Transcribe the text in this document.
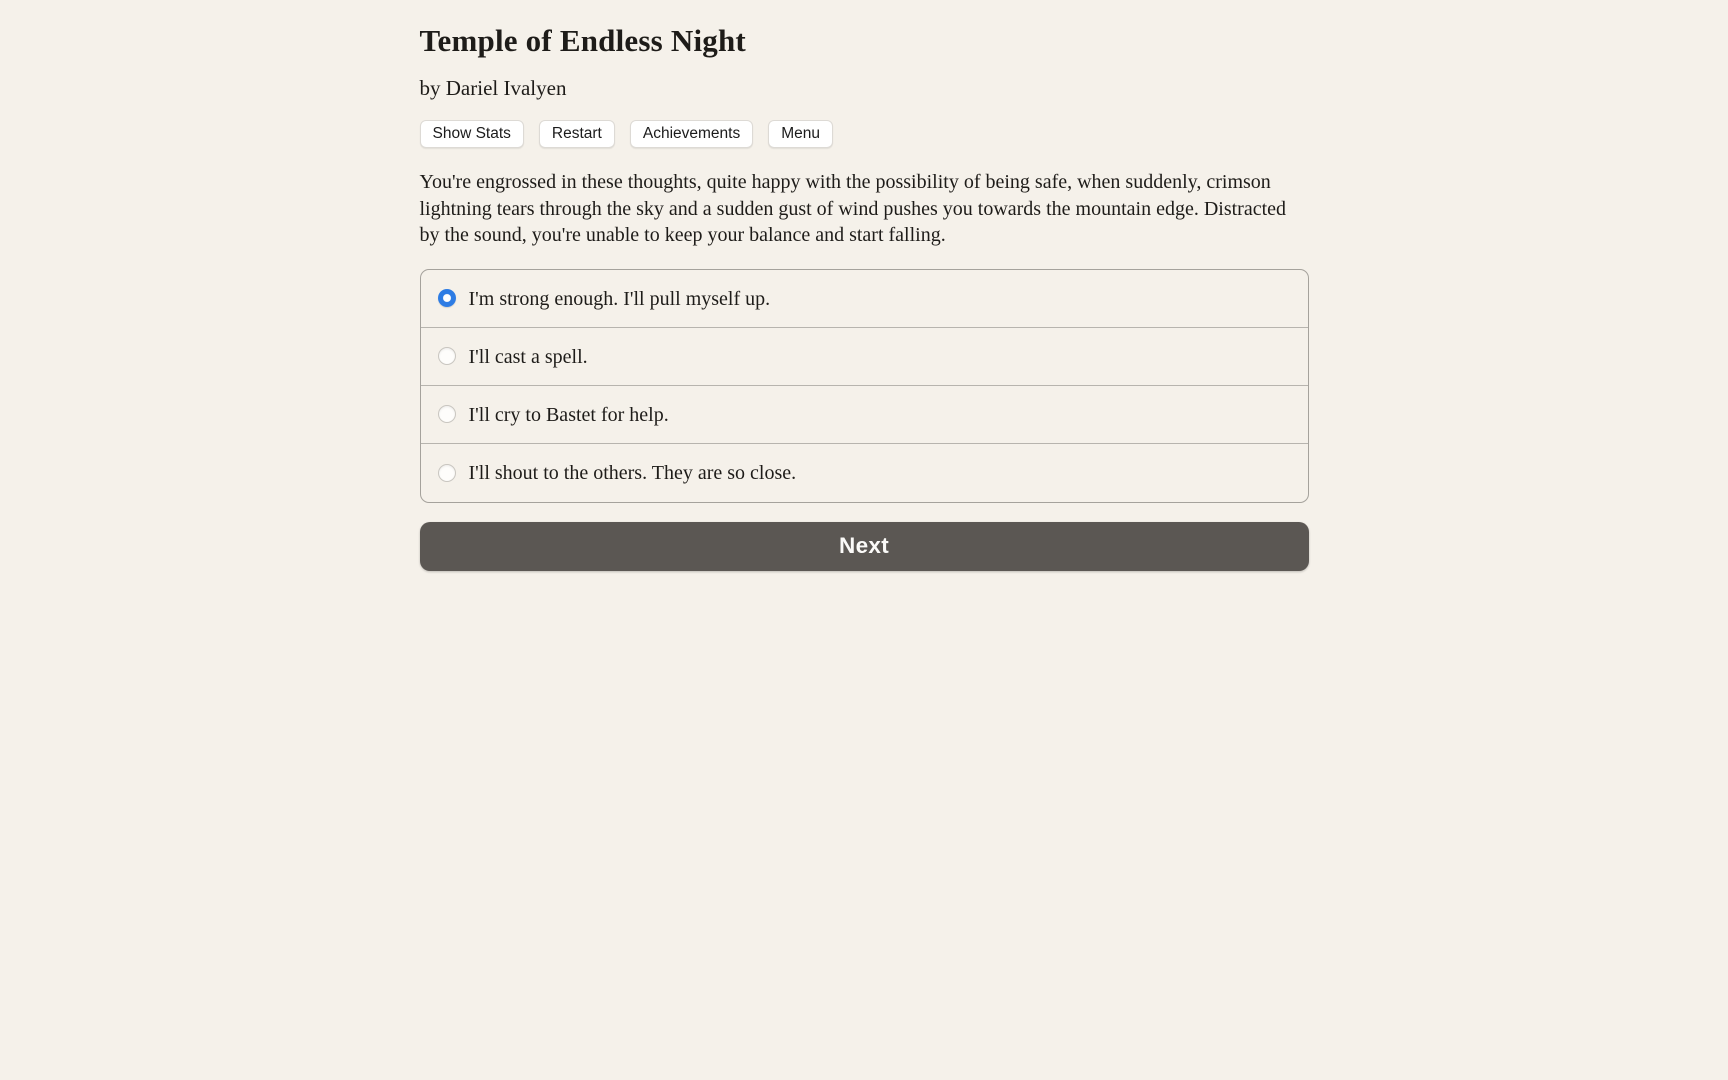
Temple of Endless Night

by Dariel Ivalyen

Show Stats	Restart	Achievements	Menu

You're engrossed in these thoughts, quite happy with the possibility of being safe, when suddenly, crimson lightning tears through the sky and a sudden gust of wind pushes you towards the mountain edge. Distracted by the sound, you're unable to keep your balance and start falling.

I'm strong enough. I'll pull myself up.
I'll cast a spell.
I'll cry to Bastet for help.
I'll shout to the others. They are so close.
Next
